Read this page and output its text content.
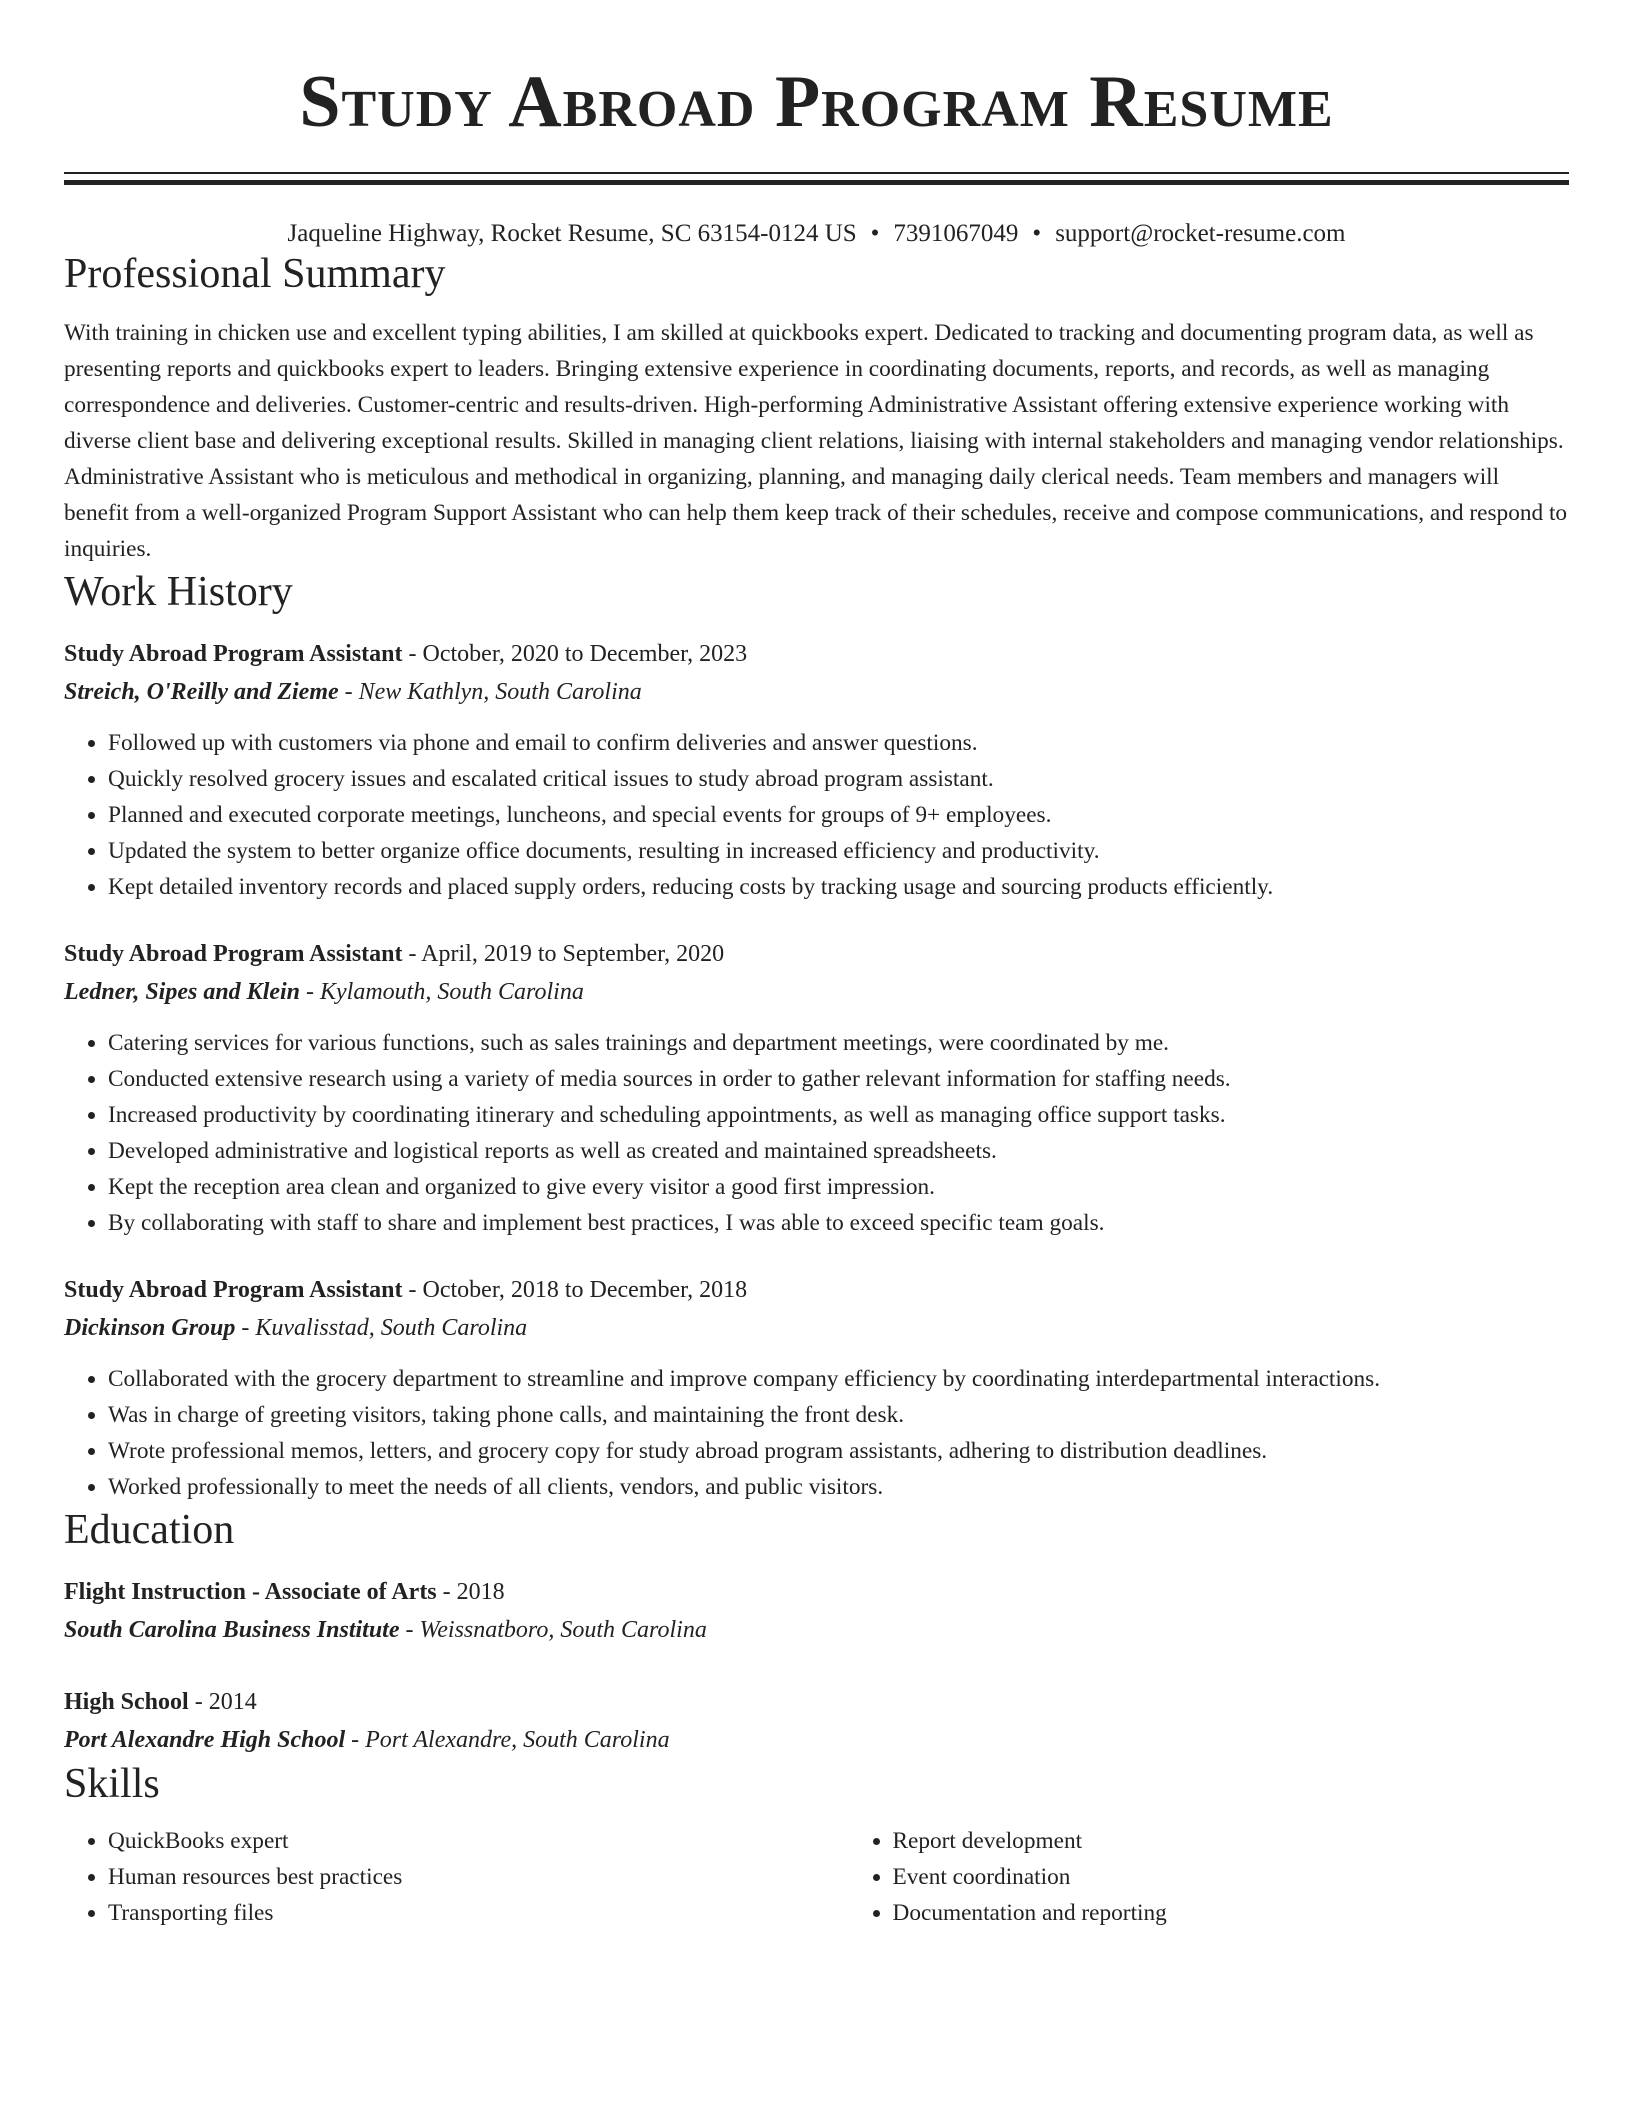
Study Abroad Program Resume
Jaqueline Highway, Rocket Resume, SC 63154-0124 US • 7391067049 • support@rocket-resume.com
Professional Summary

With training in chicken use and excellent typing abilities, I am skilled at quickbooks expert. Dedicated to tracking and documenting program data, as well as presenting reports and quickbooks expert to leaders. Bringing extensive experience in coordinating documents, reports, and records, as well as managing correspondence and deliveries. Customer-centric and results-driven. High-performing Administrative Assistant offering extensive experience working with diverse client base and delivering exceptional results. Skilled in managing client relations, liaising with internal stakeholders and managing vendor relationships. Administrative Assistant who is meticulous and methodical in organizing, planning, and managing daily clerical needs. Team members and managers will benefit from a well-organized Program Support Assistant who can help them keep track of their schedules, receive and compose communications, and respond to inquiries.

Work History
Study Abroad Program Assistant - October, 2020 to December, 2023
Streich, O'Reilly and Zieme - New Kathlyn, South Carolina
• Followed up with customers via phone and email to confirm deliveries and answer questions.
• Quickly resolved grocery issues and escalated critical issues to study abroad program assistant.
• Planned and executed corporate meetings, luncheons, and special events for groups of 9+ employees.
• Updated the system to better organize office documents, resulting in increased efficiency and productivity.
• Kept detailed inventory records and placed supply orders, reducing costs by tracking usage and sourcing products efficiently.
Study Abroad Program Assistant - April, 2019 to September, 2020
Ledner, Sipes and Klein - Kylamouth, South Carolina
• Catering services for various functions, such as sales trainings and department meetings, were coordinated by me.
• Conducted extensive research using a variety of media sources in order to gather relevant information for staffing needs.
• Increased productivity by coordinating itinerary and scheduling appointments, as well as managing office support tasks.
• Developed administrative and logistical reports as well as created and maintained spreadsheets.
• Kept the reception area clean and organized to give every visitor a good first impression.
• By collaborating with staff to share and implement best practices, I was able to exceed specific team goals.
Study Abroad Program Assistant - October, 2018 to December, 2018
Dickinson Group - Kuvalisstad, South Carolina
• Collaborated with the grocery department to streamline and improve company efficiency by coordinating interdepartmental interactions.
• Was in charge of greeting visitors, taking phone calls, and maintaining the front desk.
• Wrote professional memos, letters, and grocery copy for study abroad program assistants, adhering to distribution deadlines.
• Worked professionally to meet the needs of all clients, vendors, and public visitors.
Education
Flight Instruction - Associate of Arts - 2018
South Carolina Business Institute - Weissnatboro, South Carolina
High School - 2014
Port Alexandre High School - Port Alexandre, South Carolina
Skills
• QuickBooks expert
• Human resources best practices
• Transporting files
• Report development
• Event coordination
• Documentation and reporting
